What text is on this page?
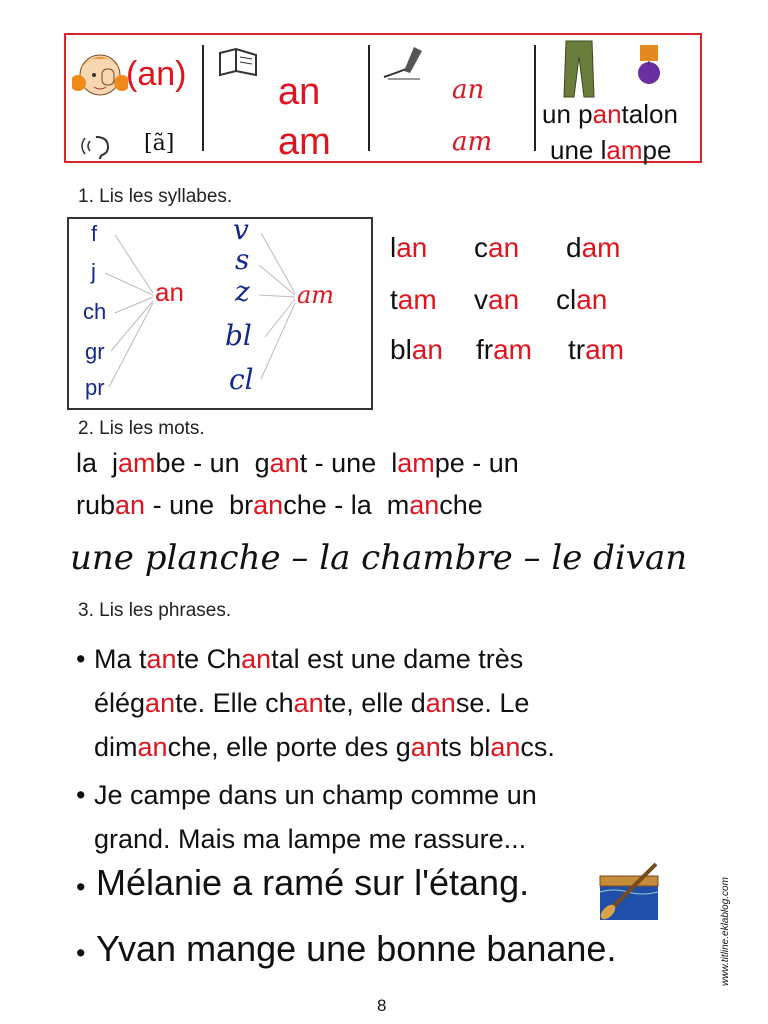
(an)
[ã]
an
am
an
am
un pantalon
une lampe
1. Lis les syllabes.
f
j
ch
gr
pr
an
v
s
z
bl
cl
am
lan can dam
tam van clan
blan fram tram
2. Lis les mots.
la  jambe - un  gant - une  lampe - un
ruban - une  branche - la  manche
une planche – la chambre – le divan
3. Lis les phrases.
• Ma tante Chantal est une dame très
élégante. Elle chante, elle danse. Le
dimanche, elle porte des gants blancs.
• Je campe dans un champ comme un
grand. Mais ma lampe me rassure...
• Mélanie a ramé sur l'étang.
• Yvan mange une bonne banane.	www.titline.eklablog.com
8
